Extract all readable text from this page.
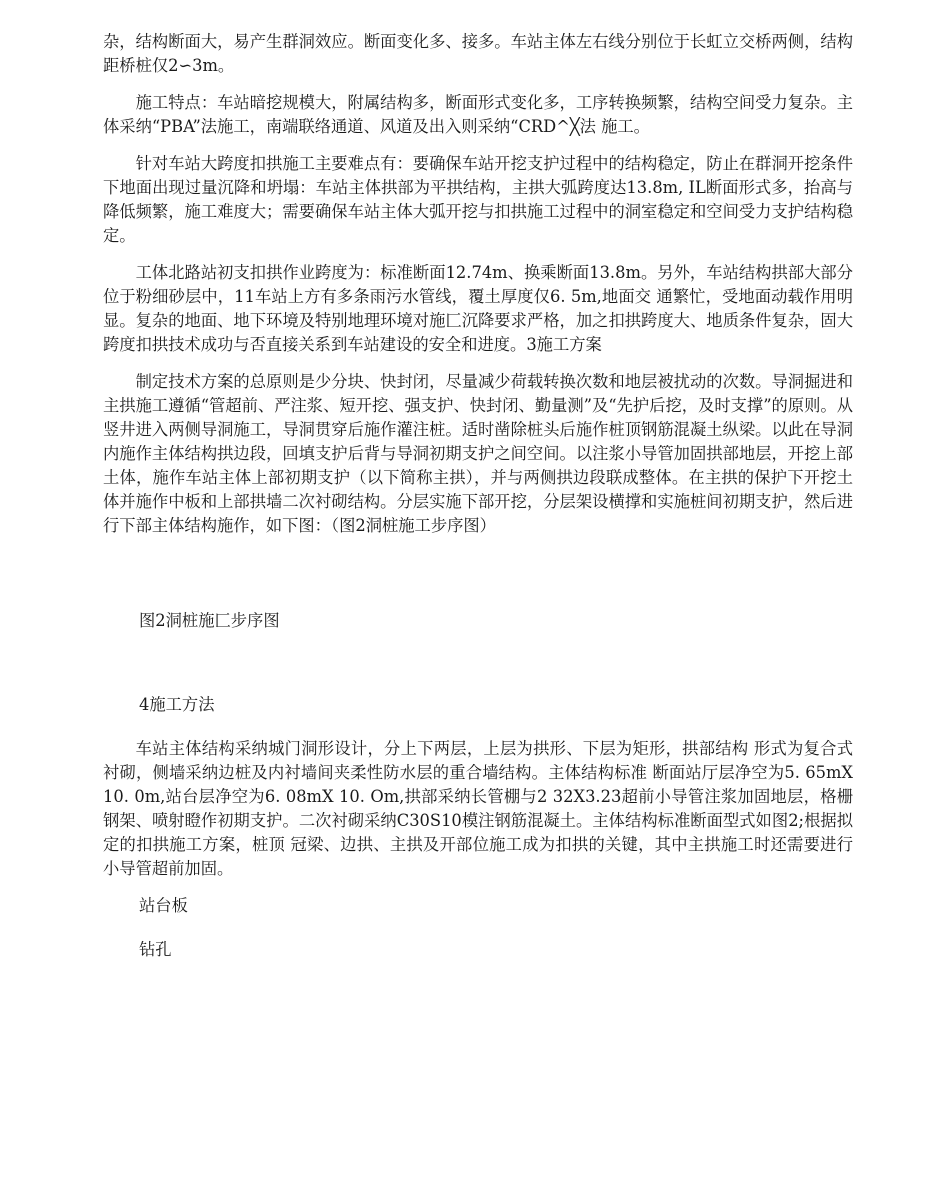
杂，结构断面大，易产生群洞效应。断面变化多、接多。车站主体左右线分别位于长虹立交桥两侧，结构距桥桩仅2∽3m。

施工特点：车站暗挖规模大，附属结构多，断面形式变化多，工序转换频繁，结构空间受力复杂。主体采纳“PBA”法施工，南端联络通道、风道及出入则采纳“CRD^╳法 施工。

针对车站大跨度扣拱施工主要难点有：要确保车站开挖支护过程中的结构稳定，防止在群洞开挖条件下地面出现过量沉降和坍塌：车站主体拱部为平拱结构，主拱大弧跨度达13.8m, IL断面形式多，抬高与降低频繁，施工难度大；需要确保车站主体大弧开挖与扣拱施工过程中的洞室稳定和空间受力支护结构稳定。

工体北路站初支扣拱作业跨度为：标准断面12.74m、换乘断面13.8m。另外，车站结构拱部大部分位于粉细砂层中，11车站上方有多条雨污水管线，覆土厚度仅6. 5m,地面交 通繁忙，受地面动载作用明显。复杂的地面、地下环境及特别地理环境对施匚沉降要求严格，加之扣拱跨度大、地质条件复杂，固大跨度扣拱技术成功与否直接关系到车站建设的安全和进度。3施工方案

制定技术方案的总原则是少分块、快封闭，尽量减少荷载转换次数和地层被扰动的次数。导洞掘进和主拱施工遵循“管超前、严注浆、短开挖、强支护、快封闭、勤量测”及“先护后挖，及时支撑”的原则。从竖井进入两侧导洞施工，导洞贯穿后施作灌注桩。适时凿除桩头后施作桩顶钢筋混凝土纵梁。以此在导洞内施作主体结构拱边段，回填支护后背与导洞初期支护之间空间。以注浆小导管加固拱部地层，开挖上部土体，施作车站主体上部初期支护（以下简称主拱），并与两侧拱边段联成整体。在主拱的保护下开挖土体并施作中板和上部拱墙二次衬砌结构。分层实施下部开挖，分层架设横撑和实施桩间初期支护，然后进行下部主体结构施作，如下图：（图2洞桩施工步序图）

图2洞桩施匚步序图

4施工方法

车站主体结构采纳城门洞形设计，分上下两层，上层为拱形、下层为矩形，拱部结构 形式为复合式衬砌，侧墙采纳边桩及内衬墙间夹柔性防水层的重合墙结构。主体结构标准 断面站厅层净空为5. 65mX 10. 0m,站台层净空为6. 08mX 10. Om,拱部采纳长管棚与2 32X3.23超前小导管注浆加固地层，格栅钢架、喷射瞪作初期支护。二次衬砌采纳C30S10模注钢筋混凝土。主体结构标准断面型式如图2;根据拟定的扣拱施工方案，桩顶 冠梁、边拱、主拱及开部位施工成为扣拱的关键，其中主拱施工时还需要进行小导管超前加固。

站台板

钻孔
